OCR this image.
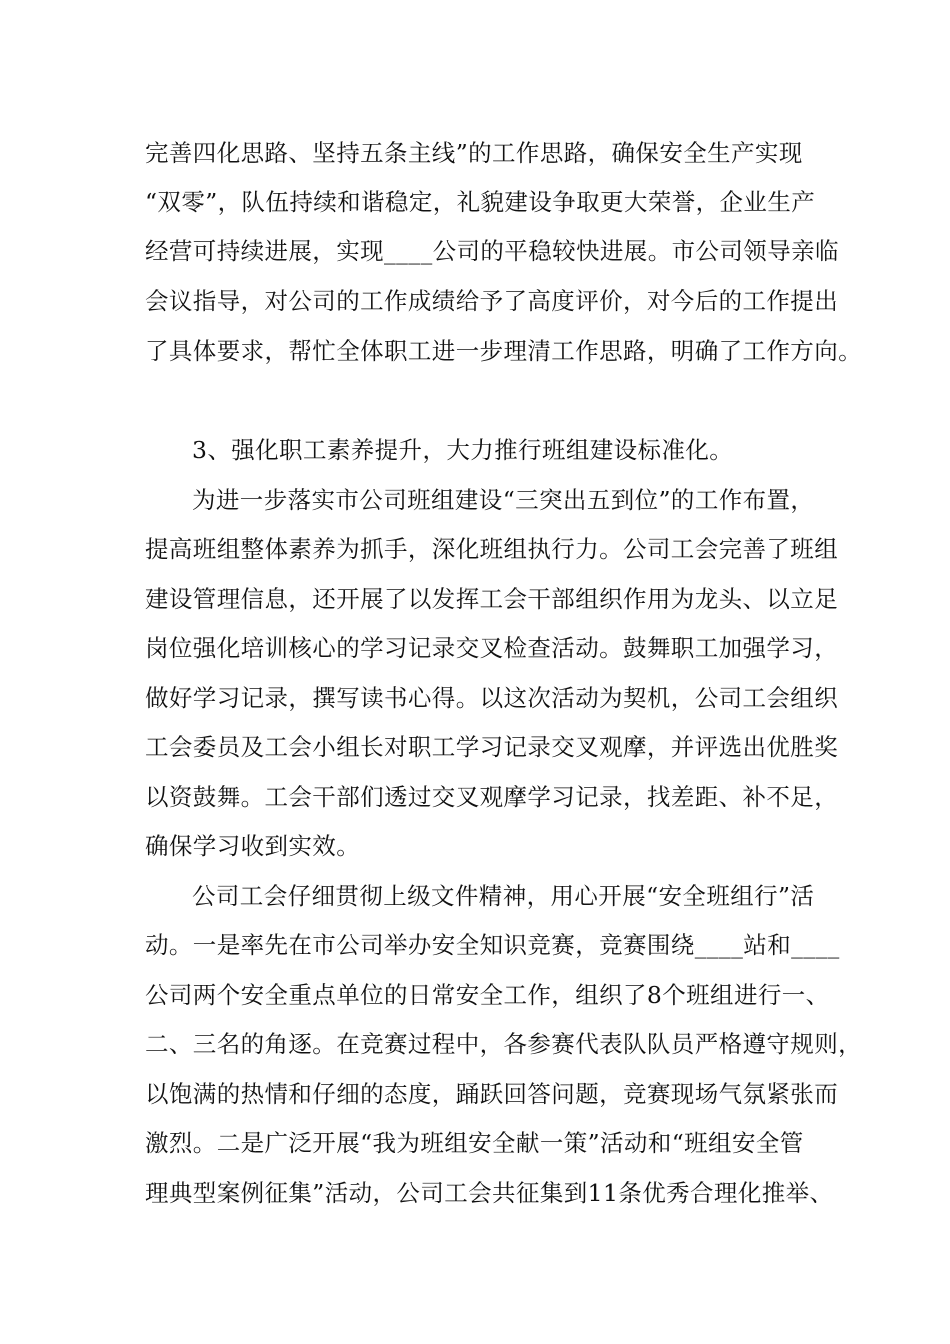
完善四化思路、坚持五条主线”的工作思路，确保安全生产实现
“双零”，队伍持续和谐稳定，礼貌建设争取更大荣誉，企业生产
经营可持续进展，实现____公司的平稳较快进展。市公司领导亲临
会议指导，对公司的工作成绩给予了高度评价，对今后的工作提出
了具体要求，帮忙全体职工进一步理清工作思路，明确了工作方向。
3、强化职工素养提升，大力推行班组建设标准化。
为进一步落实市公司班组建设“三突出五到位”的工作布置，
提高班组整体素养为抓手，深化班组执行力。公司工会完善了班组
建设管理信息，还开展了以发挥工会干部组织作用为龙头、以立足
岗位强化培训核心的学习记录交叉检查活动。鼓舞职工加强学习，
做好学习记录，撰写读书心得。以这次活动为契机，公司工会组织
工会委员及工会小组长对职工学习记录交叉观摩，并评选出优胜奖
以资鼓舞。工会干部们透过交叉观摩学习记录，找差距、补不足，
确保学习收到实效。
公司工会仔细贯彻上级文件精神，用心开展“安全班组行”活
动。一是率先在市公司举办安全知识竞赛，竞赛围绕____站和____
公司两个安全重点单位的日常安全工作，组织了8个班组进行一、
二、三名的角逐。在竞赛过程中，各参赛代表队队员严格遵守规则，
以饱满的热情和仔细的态度，踊跃回答问题，竞赛现场气氛紧张而
激烈。二是广泛开展“我为班组安全献一策”活动和“班组安全管
理典型案例征集”活动，公司工会共征集到11条优秀合理化推举、
